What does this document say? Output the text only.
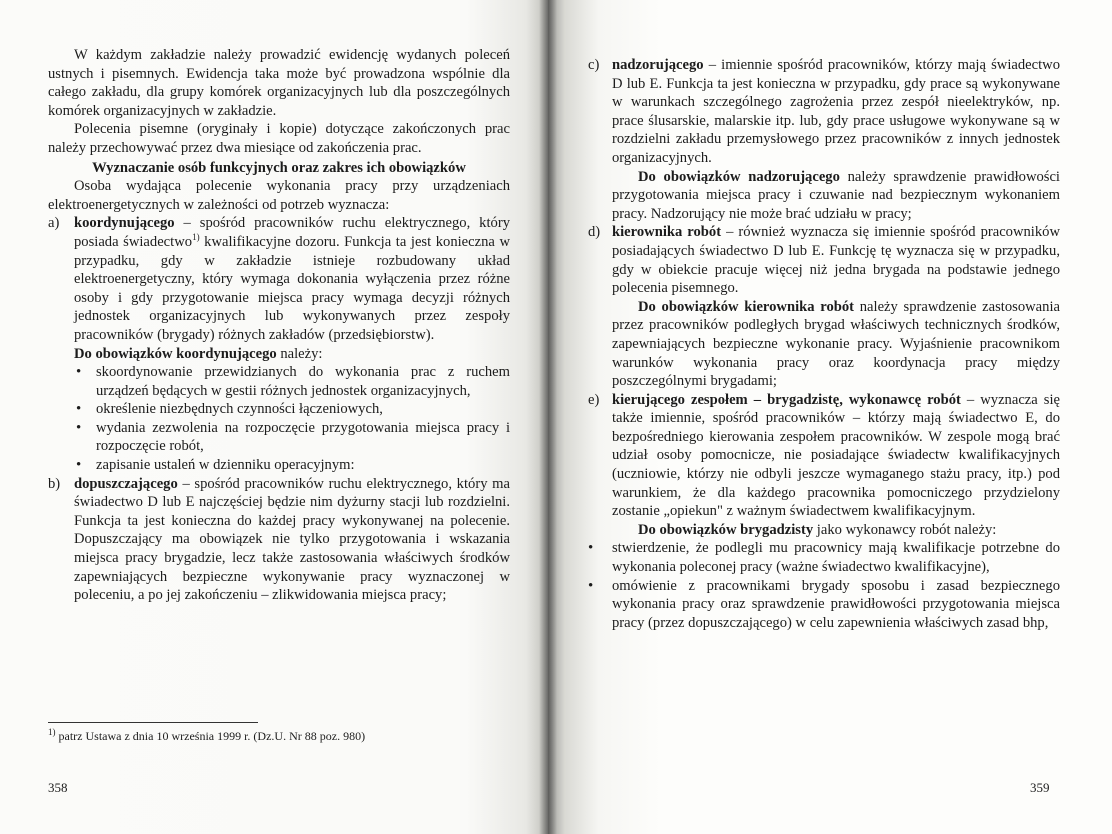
W każdym zakładzie należy prowadzić ewidencję wydanych poleceń ustnych i pisemnych. Ewidencja taka może być prowadzona wspólnie dla całego zakładu, dla grupy komórek organizacyjnych lub dla poszczególnych komórek organizacyjnych w zakładzie.

Polecenia pisemne (oryginały i kopie) dotyczące zakończonych prac należy przechowywać przez dwa miesiące od zakończenia prac.

Wyznaczanie osób funkcyjnych oraz zakres ich obowiązków

Osoba wydająca polecenie wykonania pracy przy urządzeniach elektroenergetycznych w zależności od potrzeb wyznacza:

a) koordynującego – spośród pracowników ruchu elektrycznego, który posiada świadectwo$^{1)}$ kwalifikacyjne dozoru. Funkcja ta jest konieczna w przypadku, gdy w zakładzie istnieje rozbudowany układ elektroenergetyczny, który wymaga dokonania wyłączenia przez różne osoby i gdy przygotowanie miejsca pracy wymaga decyzji różnych jednostek organizacyjnych lub wykonywanych przez zespoły pracowników (brygady) różnych zakładów (przedsiębiorstw).

Do obowiązków koordynującego należy:

• skoordynowanie przewidzianych do wykonania prac z ruchem urządzeń będących w gestii różnych jednostek organizacyjnych,
• określenie niezbędnych czynności łączeniowych,
• wydania zezwolenia na rozpoczęcie przygotowania miejsca pracy i rozpoczęcie robót,
• zapisanie ustaleń w dzienniku operacyjnym:
b) dopuszczającego – spośród pracowników ruchu elektrycznego, który ma świadectwo D lub E najczęściej będzie nim dyżurny stacji lub rozdzielni. Funkcja ta jest konieczna do każdej pracy wykonywanej na polecenie. Dopuszczający ma obowiązek nie tylko przygotowania i wskazania miejsca pracy brygadzie, lecz także zastosowania właściwych środków zapewniających bezpieczne wykonywanie pracy wyznaczonej w poleceniu, a po jej zakończeniu – zlikwidowania miejsca pracy;
$^{1)}$ patrz Ustawa z dnia 10 września 1999 r. (Dz.U. Nr 88 poz. 980)
358
c) nadzorującego – imiennie spośród pracowników, którzy mają świadectwo D lub E. Funkcja ta jest konieczna w przypadku, gdy prace są wykonywane w warunkach szczególnego zagrożenia przez zespół nieelektryków, np. prace ślusarskie, malarskie itp. lub, gdy prace usługowe wykonywane są w rozdzielni zakładu przemysłowego przez pracowników z innych jednostek organizacyjnych.

Do obowiązków nadzorującego należy sprawdzenie prawidłowości przygotowania miejsca pracy i czuwanie nad bezpiecznym wykonaniem pracy. Nadzorujący nie może brać udziału w pracy;

d) kierownika robót – również wyznacza się imiennie spośród pracowników posiadających świadectwo D lub E. Funkcję tę wyznacza się w przypadku, gdy w obiekcie pracuje więcej niż jedna brygada na podstawie jednego polecenia pisemnego.

Do obowiązków kierownika robót należy sprawdzenie zastosowania przez pracowników podległych brygad właściwych technicznych środków, zapewniających bezpieczne wykonanie pracy. Wyjaśnienie pracownikom warunków wykonania pracy oraz koordynacja pracy między poszczególnymi brygadami;

e) kierującego zespołem – brygadzistę, wykonawcę robót – wyznacza się także imiennie, spośród pracowników – którzy mają świadectwo E, do bezpośredniego kierowania zespołem pracowników. W zespole mogą brać udział osoby pomocnicze, nie posiadające świadectw kwalifikacyjnych (uczniowie, którzy nie odbyli jeszcze wymaganego stażu pracy, itp.) pod warunkiem, że dla każdego pracownika pomocniczego przydzielony zostanie „opiekun" z ważnym świadectwem kwalifikacyjnym.

Do obowiązków brygadzisty jako wykonawcy robót należy:

• stwierdzenie, że podlegli mu pracownicy mają kwalifikacje potrzebne do wykonania poleconej pracy (ważne świadectwo kwalifikacyjne),
• omówienie z pracownikami brygady sposobu i zasad bezpiecznego wykonania pracy oraz sprawdzenie prawidłowości przygotowania miejsca pracy (przez dopuszczającego) w celu zapewnienia właściwych zasad bhp,
359
